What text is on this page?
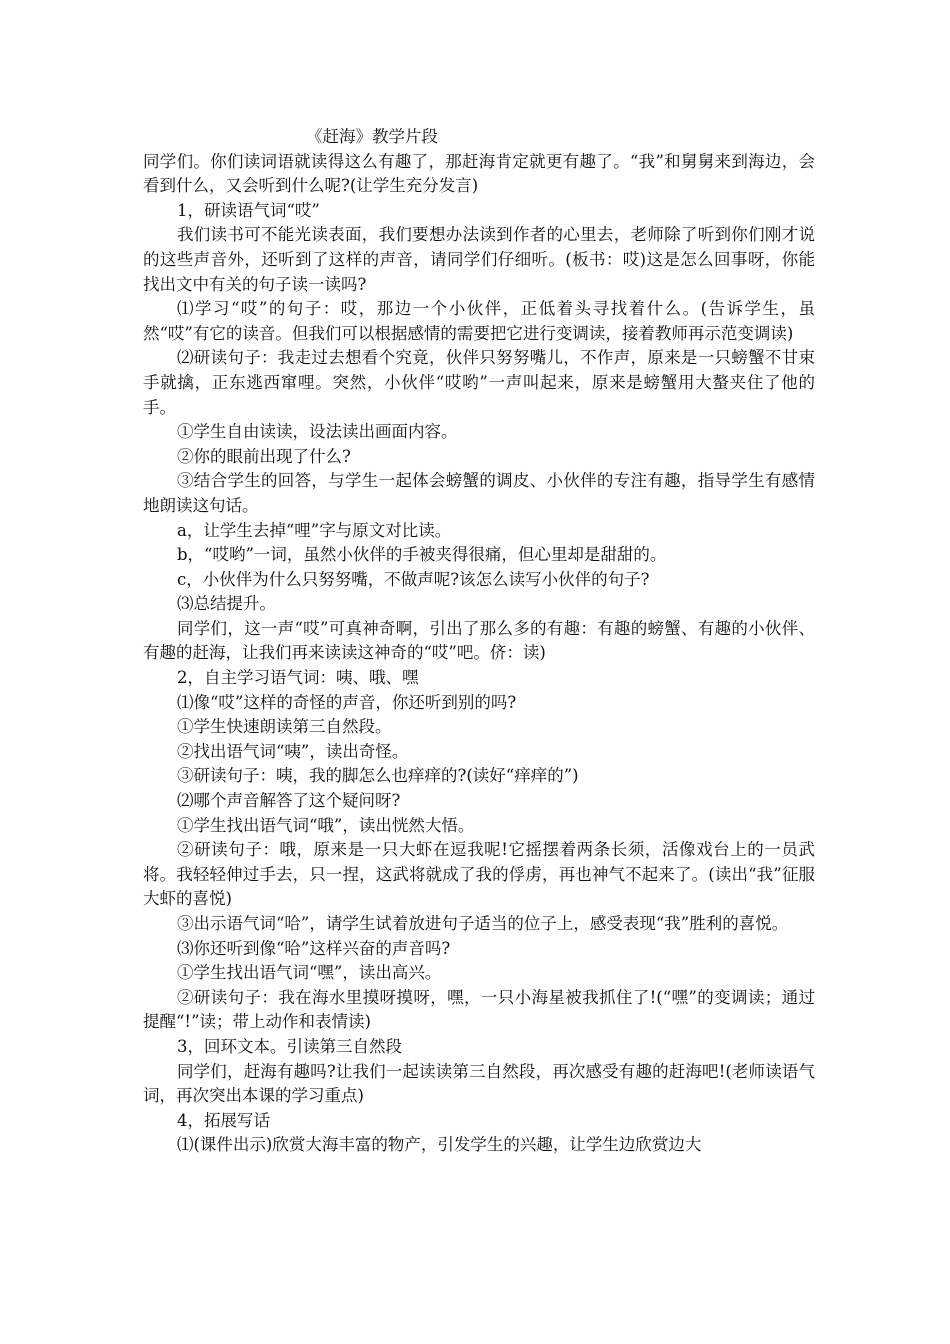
《赶海》教学片段

同学们。你们读词语就读得这么有趣了，那赶海肯定就更有趣了。“我”和舅舅来到海边，会看到什么，又会听到什么呢?(让学生充分发言)

1，研读语气词“哎”

我们读书可不能光读表面，我们要想办法读到作者的心里去，老师除了听到你们刚才说的这些声音外，还听到了这样的声音，请同学们仔细听。(板书：哎)这是怎么回事呀，你能找出文中有关的句子读一读吗?

⑴学习“哎”的句子：哎，那边一个小伙伴，正低着头寻找着什么。(告诉学生，虽然“哎”有它的读音。但我们可以根据感情的需要把它进行变调读，接着教师再示范变调读)

⑵研读句子：我走过去想看个究竟，伙伴只努努嘴儿，不作声，原来是一只螃蟹不甘束手就擒，正东逃西窜哩。突然，小伙伴“哎哟”一声叫起来，原来是螃蟹用大螯夹住了他的手。

①学生自由读读，设法读出画面内容。

②你的眼前出现了什么?

③结合学生的回答，与学生一起体会螃蟹的调皮、小伙伴的专注有趣，指导学生有感情地朗读这句话。

a，让学生去掉“哩”字与原文对比读。

b，“哎哟”一词，虽然小伙伴的手被夹得很痛，但心里却是甜甜的。

c，小伙伴为什么只努努嘴，不做声呢?该怎么读写小伙伴的句子?

⑶总结提升。

同学们，这一声“哎”可真神奇啊，引出了那么多的有趣：有趣的螃蟹、有趣的小伙伴、有趣的赶海，让我们再来读读这神奇的“哎”吧。侪：读)

2，自主学习语气词：咦、哦、嘿

⑴像“哎”这样的奇怪的声音，你还听到别的吗?

①学生快速朗读第三自然段。

②找出语气词“咦”，读出奇怪。

③研读句子：咦，我的脚怎么也痒痒的?(读好“痒痒的”)

⑵哪个声音解答了这个疑问呀?

①学生找出语气词“哦”，读出恍然大悟。

②研读句子：哦，原来是一只大虾在逗我呢!它摇摆着两条长须，活像戏台上的一员武将。我轻轻伸过手去，只一捏，这武将就成了我的俘虏，再也神气不起来了。(读出“我”征服大虾的喜悦)

③出示语气词“哈”，请学生试着放进句子适当的位子上，感受表现“我”胜利的喜悦。

⑶你还听到像“哈”这样兴奋的声音吗?

①学生找出语气词“嘿”，读出高兴。

②研读句子：我在海水里摸呀摸呀，嘿，一只小海星被我抓住了!(“嘿”的变调读；通过提醒“!”读；带上动作和表情读)

3，回环文本。引读第三自然段

同学们，赶海有趣吗?让我们一起读读第三自然段，再次感受有趣的赶海吧!(老师读语气词，再次突出本课的学习重点)

4，拓展写话

⑴(课件出示)欣赏大海丰富的物产，引发学生的兴趣，让学生边欣赏边大
